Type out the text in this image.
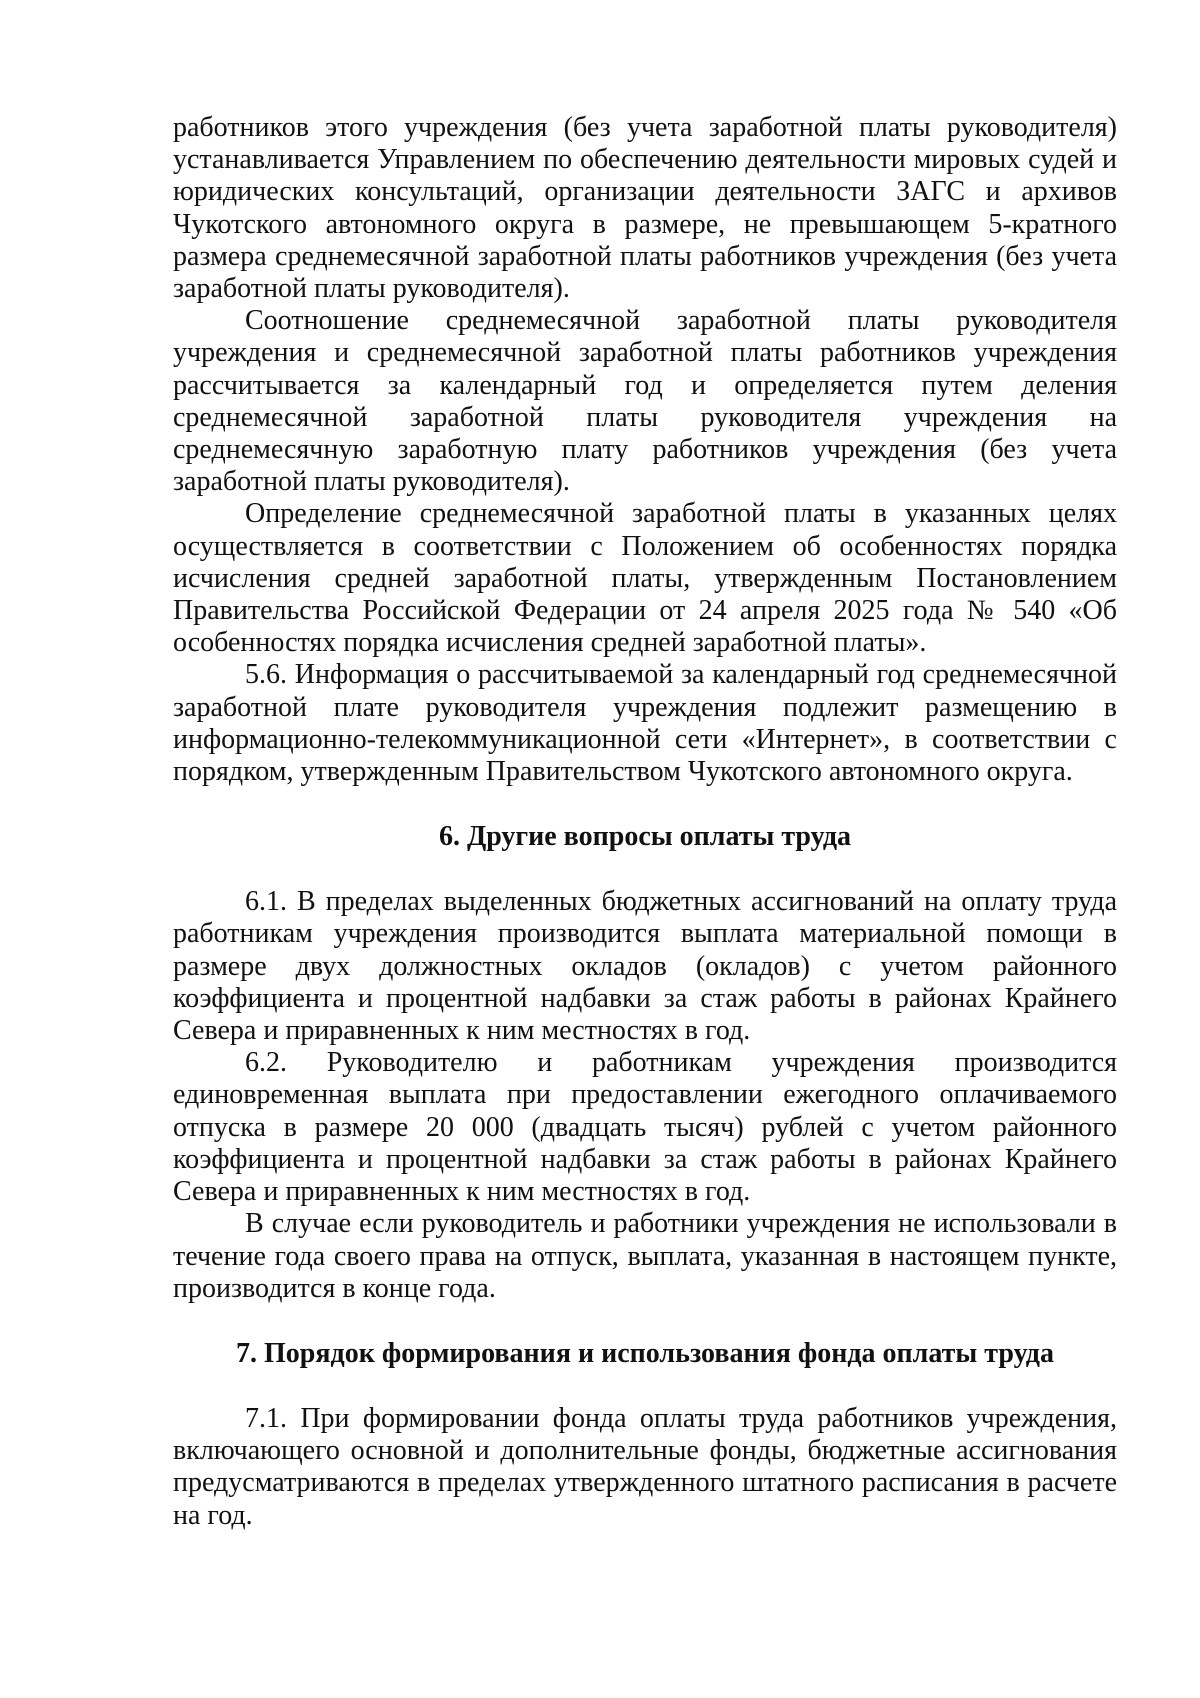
работников этого учреждения (без учета заработной платы руководителя) устанавливается Управлением по обеспечению деятельности мировых судей и юридических консультаций, организации деятельности ЗАГС и архивов Чукотского автономного округа в размере, не превышающем 5-кратного размера среднемесячной заработной платы работников учреждения (без учета заработной платы руководителя).

Соотношение среднемесячной заработной платы руководителя учреждения и среднемесячной заработной платы работников учреждения рассчитывается за календарный год и определяется путем деления среднемесячной заработной платы руководителя учреждения на среднемесячную заработную плату работников учреждения (без учета заработной платы руководителя).

Определение среднемесячной заработной платы в указанных целях осуществляется в соответствии с Положением об особенностях порядка исчисления средней заработной платы, утвержденным Постановлением Правительства Российской Федерации от 24 апреля 2025 года № 540 «Об особенностях порядка исчисления средней заработной платы».

5.6. Информация о рассчитываемой за календарный год среднемесячной заработной плате руководителя учреждения подлежит размещению в информационно-телекоммуникационной сети «Интернет», в соответствии с порядком, утвержденным Правительством Чукотского автономного округа.

6. Другие вопросы оплаты труда

6.1. В пределах выделенных бюджетных ассигнований на оплату труда работникам учреждения производится выплата материальной помощи в размере двух должностных окладов (окладов) с учетом районного коэффициента и процентной надбавки за стаж работы в районах Крайнего Севера и приравненных к ним местностях в год.

6.2. Руководителю и работникам учреждения производится единовременная выплата при предоставлении ежегодного оплачиваемого отпуска в размере 20 000 (двадцать тысяч) рублей с учетом районного коэффициента и процентной надбавки за стаж работы в районах Крайнего Севера и приравненных к ним местностях в год.

В случае если руководитель и работники учреждения не использовали в течение года своего права на отпуск, выплата, указанная в настоящем пункте, производится в конце года.

7. Порядок формирования и использования фонда оплаты труда

7.1. При формировании фонда оплаты труда работников учреждения, включающего основной и дополнительные фонды, бюджетные ассигнования предусматриваются в пределах утвержденного штатного расписания в расчете на год.
